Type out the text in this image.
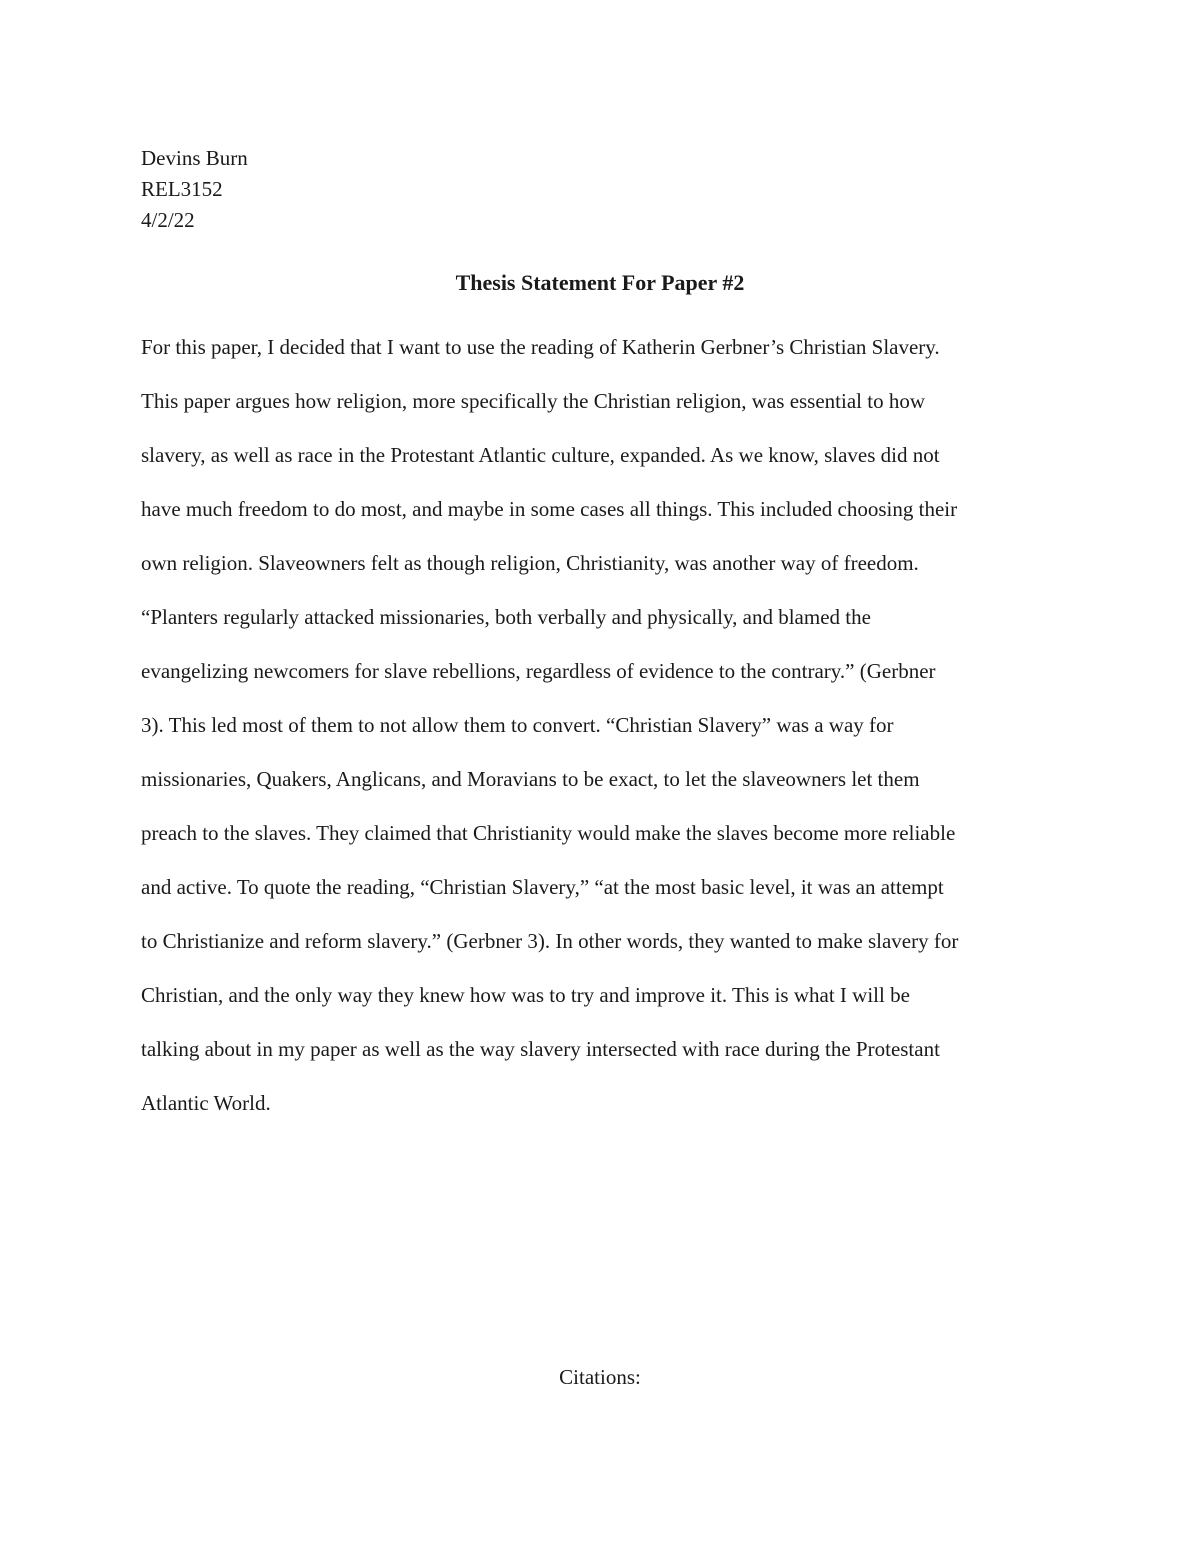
Devins Burn
REL3152
4/2/22
Thesis Statement For Paper #2
For this paper, I decided that I want to use the reading of Katherin Gerbner’s Christian Slavery.
This paper argues how religion, more specifically the Christian religion, was essential to how
slavery, as well as race in the Protestant Atlantic culture, expanded. As we know, slaves did not
have much freedom to do most, and maybe in some cases all things. This included choosing their
own religion. Slaveowners felt as though religion, Christianity, was another way of freedom.
“Planters regularly attacked missionaries, both verbally and physically, and blamed the
evangelizing newcomers for slave rebellions, regardless of evidence to the contrary.” (Gerbner
3). This led most of them to not allow them to convert. “Christian Slavery” was a way for
missionaries, Quakers, Anglicans, and Moravians to be exact, to let the slaveowners let them
preach to the slaves. They claimed that Christianity would make the slaves become more reliable
and active. To quote the reading, “Christian Slavery,” “at the most basic level, it was an attempt
to Christianize and reform slavery.” (Gerbner 3). In other words, they wanted to make slavery for
Christian, and the only way they knew how was to try and improve it. This is what I will be
talking about in my paper as well as the way slavery intersected with race during the Protestant
Atlantic World.
Citations:
